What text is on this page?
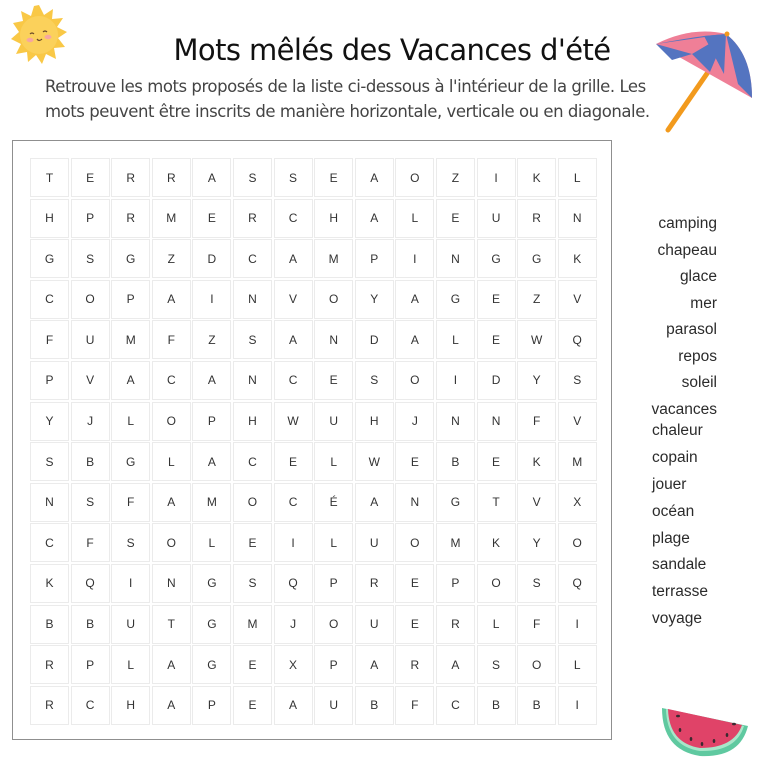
Mots mêlés des Vacances d'été
Retrouve les mots proposés de la liste ci-dessous à l'intérieur de la grille. Les
mots peuvent être inscrits de manière horizontale, verticale ou en diagonale.
T	E	R	R	A	S	S	E	A	O	Z	I	K	L
H	P	R	M	E	R	C	H	A	L	E	U	R	N
G	S	G	Z	D	C	A	M	P	I	N	G	G	K
C	O	P	A	I	N	V	O	Y	A	G	E	Z	V
F	U	M	F	Z	S	A	N	D	A	L	E	W	Q
P	V	A	C	A	N	C	E	S	O	I	D	Y	S
Y	J	L	O	P	H	W	U	H	J	N	N	F	V
S	B	G	L	A	C	E	L	W	E	B	E	K	M
N	S	F	A	M	O	C	É	A	N	G	T	V	X
C	F	S	O	L	E	I	L	U	O	M	K	Y	O
K	Q	I	N	G	S	Q	P	R	E	P	O	S	Q
B	B	U	T	G	M	J	O	U	E	R	L	F	I
R	P	L	A	G	E	X	P	A	R	A	S	O	L
R	C	H	A	P	E	A	U	B	F	C	B	B	I
camping
chapeau
glace
mer
parasol
repos
soleil
vacances
chaleur
copain
jouer
océan
plage
sandale
terrasse
voyage
